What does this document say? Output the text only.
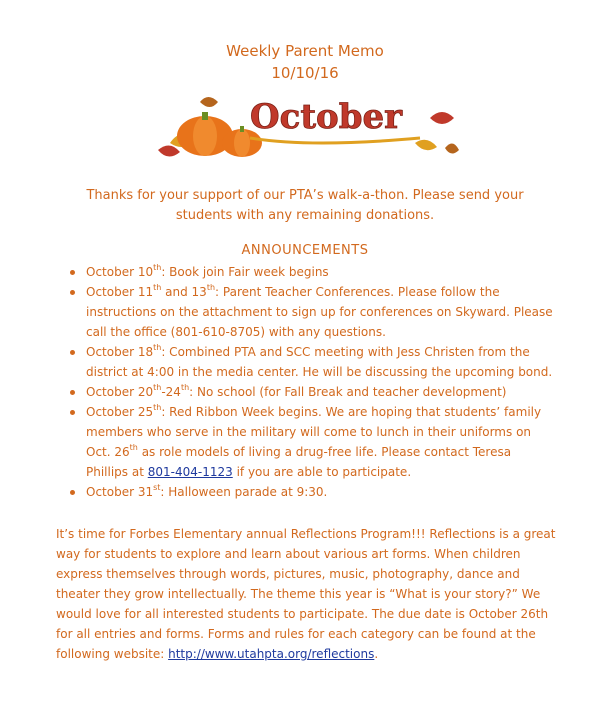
Weekly Parent Memo
10/10/16
October
Thanks for your support of our PTA’s walk-a-thon. Please send your
students with any remaining donations.
ANNOUNCEMENTS
October 10th: Book join Fair week begins
October 11th and 13th: Parent Teacher Conferences. Please follow the instructions on the attachment to sign up for conferences on Skyward. Please call the office (801-610-8705) with any questions.
October 18th: Combined PTA and SCC meeting with Jess Christen from the district at 4:00 in the media center. He will be discussing the upcoming bond.
October 20th-24th: No school (for Fall Break and teacher development)
October 25th: Red Ribbon Week begins. We are hoping that students’ family members who serve in the military will come to lunch in their uniforms on Oct. 26th as role models of living a drug-free life. Please contact Teresa Phillips at 801-404-1123 if you are able to participate.
October 31st: Halloween parade at 9:30.

It’s time for Forbes Elementary annual Reflections Program!!! Reflections is a great way for students to explore and learn about various art forms. When children express themselves through words, pictures, music, photography, dance and theater they grow intellectually. The theme this year is “What is your story?” We would love for all interested students to participate. The due date is October 26th for all entries and forms. Forms and rules for each category can be found at the following website: http://www.utahpta.org/reflections.
